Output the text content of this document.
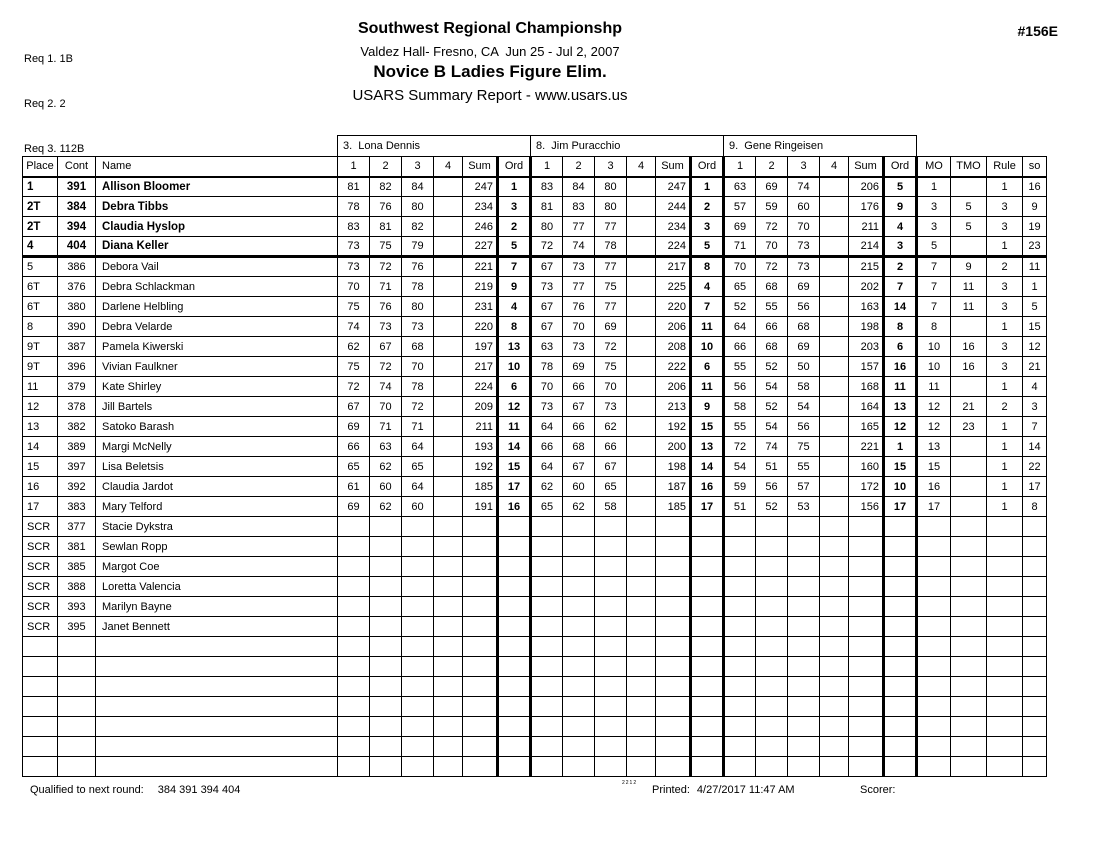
Req 1. 1B

Req 2. 2

Req 3. 112B

Southwest Regional Championshp
Valdez Hall- Fresno, CA  Jun 25 - Jul 2, 2007
Novice B Ladies Figure Elim.
USARS Summary Report - www.usars.us
#156E
			3.  Lona Dennis						8.  Jim Puracchio						9.  Gene Ringeisen									
Place	Cont	Name	1	2	3	4	Sum	Ord	1	2	3	4	Sum	Ord	1	2	3	4	Sum	Ord	MO	TMO	Rule	so
1	391	Allison Bloomer	81	82	84		247	1	83	84	80		247	1	63	69	74		206	5	1		1	16
2T	384	Debra Tibbs	78	76	80		234	3	81	83	80		244	2	57	59	60		176	9	3	5	3	9
2T	394	Claudia Hyslop	83	81	82		246	2	80	77	77		234	3	69	72	70		211	4	3	5	3	19
4	404	Diana Keller	73	75	79		227	5	72	74	78		224	5	71	70	73		214	3	5		1	23
5	386	Debora Vail	73	72	76		221	7	67	73	77		217	8	70	72	73		215	2	7	9	2	11
6T	376	Debra Schlackman	70	71	78		219	9	73	77	75		225	4	65	68	69		202	7	7	11	3	1
6T	380	Darlene Helbling	75	76	80		231	4	67	76	77		220	7	52	55	56		163	14	7	11	3	5
8	390	Debra Velarde	74	73	73		220	8	67	70	69		206	11	64	66	68		198	8	8		1	15
9T	387	Pamela Kiwerski	62	67	68		197	13	63	73	72		208	10	66	68	69		203	6	10	16	3	12
9T	396	Vivian Faulkner	75	72	70		217	10	78	69	75		222	6	55	52	50		157	16	10	16	3	21
11	379	Kate Shirley	72	74	78		224	6	70	66	70		206	11	56	54	58		168	11	11		1	4
12	378	Jill Bartels	67	70	72		209	12	73	67	73		213	9	58	52	54		164	13	12	21	2	3
13	382	Satoko Barash	69	71	71		211	11	64	66	62		192	15	55	54	56		165	12	12	23	1	7
14	389	Margi McNelly	66	63	64		193	14	66	68	66		200	13	72	74	75		221	1	13		1	14
15	397	Lisa Beletsis	65	62	65		192	15	64	67	67		198	14	54	51	55		160	15	15		1	22
16	392	Claudia Jardot	61	60	64		185	17	62	60	65		187	16	59	56	57		172	10	16		1	17
17	383	Mary Telford	69	62	60		191	16	65	62	58		185	17	51	52	53		156	17	17		1	8
SCR	377	Stacie Dykstra																						
SCR	381	Sewlan Ropp																						
SCR	385	Margot Coe																						
SCR	388	Loretta Valencia																						
SCR	393	Marilyn Bayne																						
SCR	395	Janet Bennett																						

Qualified to next round: 384 391 394 404
2212
Printed: 4/27/2017 11:47 AM	Scorer:
